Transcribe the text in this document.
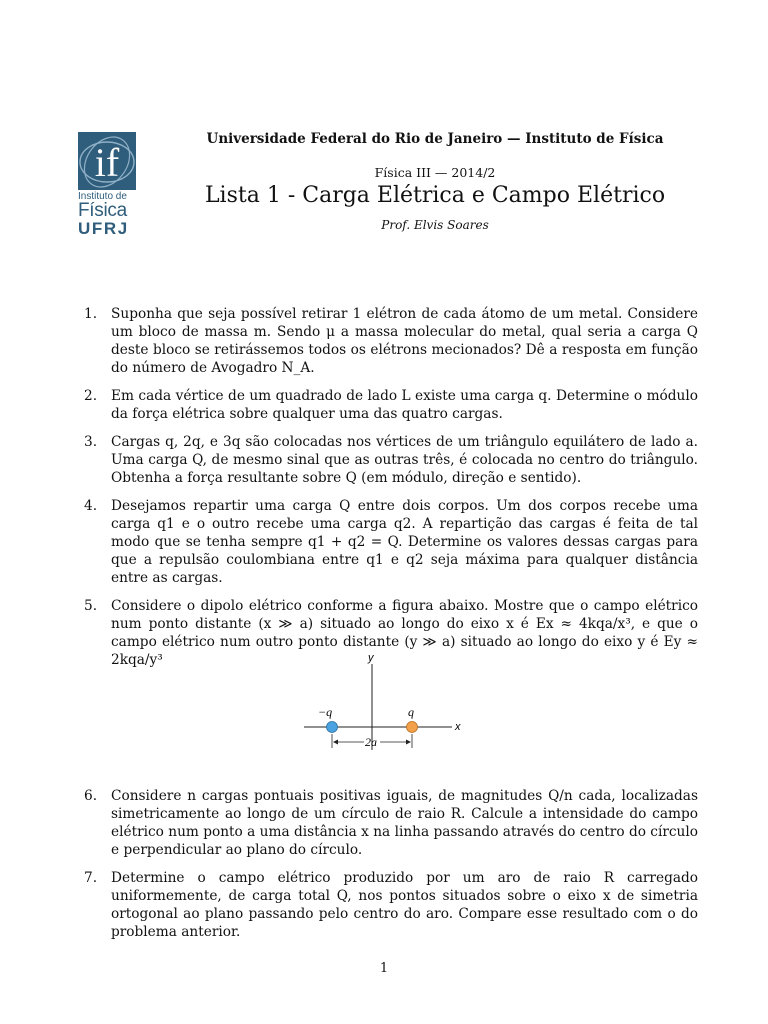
if
Instituto de
Física
UFRJ
Universidade Federal do Rio de Janeiro — Instituto de Física
Física III — 2014/2
Lista 1 - Carga Elétrica e Campo Elétrico
Prof. Elvis Soares
1. Suponha que seja possível retirar 1 elétron de cada átomo de um metal. Considere um bloco de massa m. Sendo μ a massa molecular do metal, qual seria a carga Q deste bloco se retirássemos todos os elétrons mecionados? Dê a resposta em função do número de Avogadro N_A.
2. Em cada vértice de um quadrado de lado L existe uma carga q. Determine o módulo da força elétrica sobre qualquer uma das quatro cargas.
3. Cargas q, 2q, e 3q são colocadas nos vértices de um triângulo equilátero de lado a. Uma carga Q, de mesmo sinal que as outras três, é colocada no centro do triângulo. Obtenha a força resultante sobre Q (em módulo, direção e sentido).
4. Desejamos repartir uma carga Q entre dois corpos. Um dos corpos recebe uma carga q1 e o outro recebe uma carga q2. A repartição das cargas é feita de tal modo que se tenha sempre q1 + q2 = Q. Determine os valores dessas cargas para que a repulsão coulombiana entre q1 e q2 seja máxima para qualquer distância entre as cargas.
5. Considere o dipolo elétrico conforme a figura abaixo. Mostre que o campo elétrico num ponto distante (x ≫ a) situado ao longo do eixo x é Ex ≈ 4kqa/x³, e que o campo elétrico num outro ponto distante (y ≫ a) situado ao longo do eixo y é Ey ≈ 2kqa/y³
6. Considere n cargas pontuais positivas iguais, de magnitudes Q/n cada, localizadas simetricamente ao longo de um círculo de raio R. Calcule a intensidade do campo elétrico num ponto a uma distância x na linha passando através do centro do círculo e perpendicular ao plano do círculo.
7. Determine o campo elétrico produzido por um aro de raio R carregado uniformemente, de carga total Q, nos pontos situados sobre o eixo x de simetria ortogonal ao plano passando pelo centro do aro. Compare esse resultado com o do problema anterior.
y
x
−q	q
2a
1
